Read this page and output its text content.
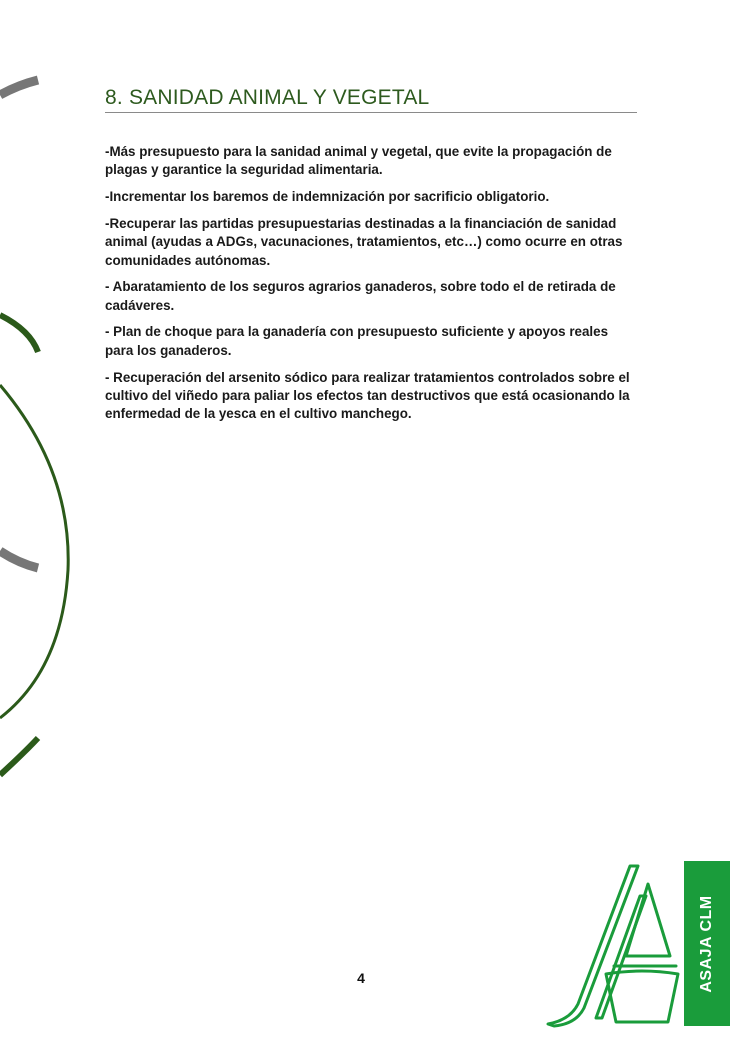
8. SANIDAD ANIMAL Y VEGETAL
-Más presupuesto para la sanidad animal y vegetal, que evite la propagación de plagas y garantice la seguridad alimentaria.
-Incrementar los baremos de indemnización por sacrificio obligatorio.
-Recuperar las partidas presupuestarias destinadas a la financiación de sanidad animal (ayudas a ADGs, vacunaciones, tratamientos, etc…) como ocurre en otras comunidades autónomas.
- Abaratamiento de los seguros agrarios ganaderos, sobre todo el de retirada de cadáveres.
- Plan de choque para la ganadería con presupuesto suficiente y apoyos reales para los ganaderos.
- Recuperación del arsenito sódico para realizar tratamientos controlados sobre el cultivo del viñedo para paliar los efectos tan destructivos que está ocasionando la enfermedad de la yesca en el cultivo manchego.
4	ASAJA CLM
